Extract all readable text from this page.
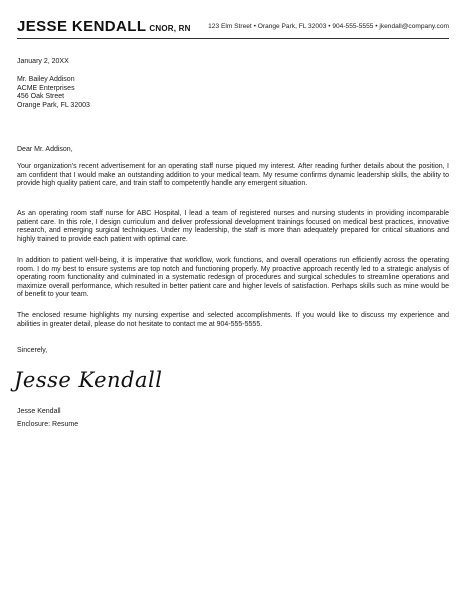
JESSE KENDALL CNOR, RN	123 Elm Street • Orange Park, FL 32003 • 904-555-5555 • jkendall@company.com
January 2, 20XX
Mr. Bailey Addison
ACME Enterprises
456 Oak Street
Orange Park, FL 32003
Dear Mr. Addison,
Your organization's recent advertisement for an operating staff nurse piqued my interest. After reading further details about the position, I am confident that I would make an outstanding addition to your medical team. My resume confirms dynamic leadership skills, the ability to provide high quality patient care, and train staff to competently handle any emergent situation.
As an operating room staff nurse for ABC Hospital, I lead a team of registered nurses and nursing students in providing incomparable patient care. In this role, I design curriculum and deliver professional development trainings focused on medical best practices, innovative research, and emerging surgical techniques. Under my leadership, the staff is more than adequately prepared for critical situations and highly trained to provide each patient with optimal care.
In addition to patient well-being, it is imperative that workflow, work functions, and overall operations run efficiently across the operating room. I do my best to ensure systems are top notch and functioning properly. My proactive approach recently led to a strategic analysis of operating room functionality and culminated in a systematic redesign of procedures and surgical schedules to streamline operations and maximize overall performance, which resulted in better patient care and higher levels of satisfaction. Perhaps skills such as mine would be of benefit to your team.
The enclosed resume highlights my nursing expertise and selected accomplishments. If you would like to discuss my experience and abilities in greater detail, please do not hesitate to contact me at 904-555-5555.
Sincerely,
Jesse Kendall
Jesse Kendall
Enclosure: Resume
